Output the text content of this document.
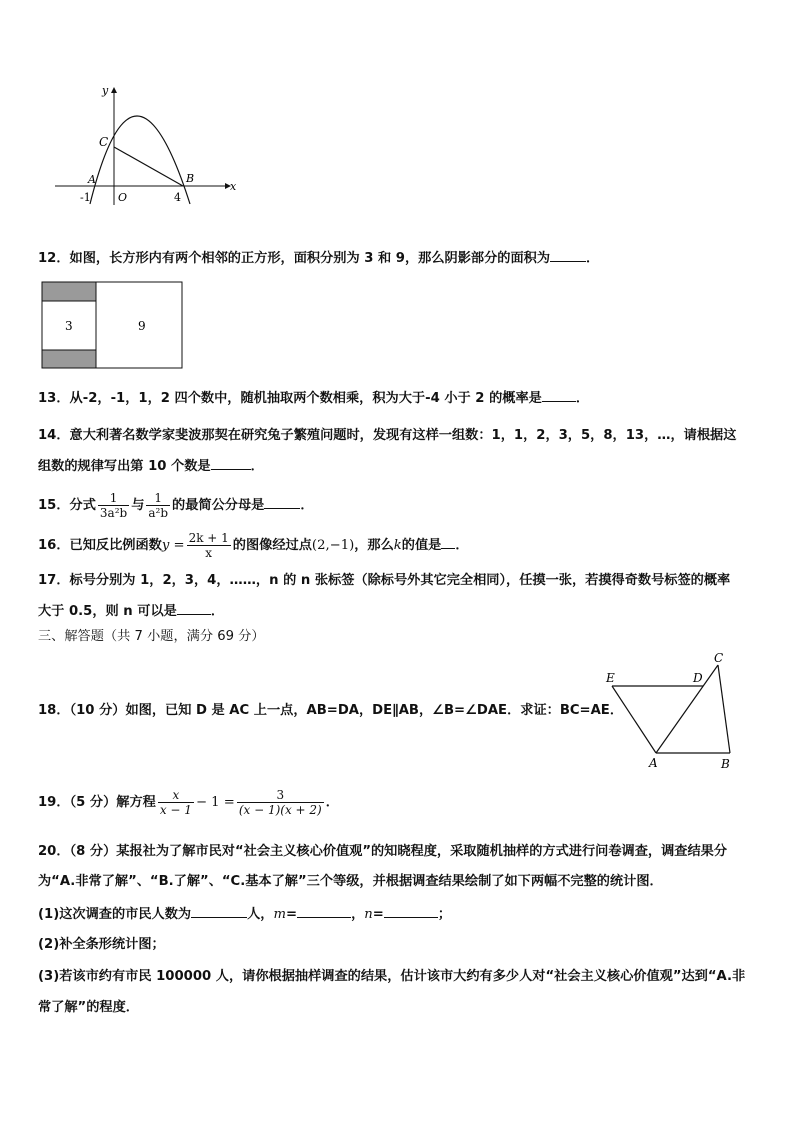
y
x
C
A	B
O
-1	4
12．如图，长方形内有两个相邻的正方形，面积分别为 3 和 9，那么阴影部分的面积为	．
3	9
13．从-2，-1，1，2 四个数中，随机抽取两个数相乘，积为大于-4 小于 2 的概率是	．
14．意大利著名数学家斐波那契在研究兔子繁殖问题时，发现有这样一组数：1，1，2，3，5，8，13，…，请根据这
组数的规律写出第 10 个数是	．
15．分式 $\frac{1}{\text{3a²b}}$ 与 $\frac{1}{\text{a²b}}$ 的最简公分母是	．
16．已知反比例函数$y = \frac{2k + 1}{x}$ 的图像经过点(2,−1)，那么k的值是 ．
17．标号分别为 1，2，3，4，……，n 的 n 张标签（除标号外其它完全相同），任摸一张，若摸得奇数号标签的概率
大于 0.5，则 n 可以是	．
三、解答题（共 7 小题，满分 69 分）
E	D
C
A	B
18．（10 分）如图，已知 D 是 AC 上一点，AB=DA，DE∥AB，∠B=∠DAE．求证：BC=AE．
19．（5 分）解方程 $\frac{x}{x - 1} - 1 = \frac{3}{(x - 1)(x + 2)}$ ．
20．（8 分）某报社为了解市民对“社会主义核心价值观”的知晓程度，采取随机抽样的方式进行问卷调查，调查结果分
为“A.非常了解”、“B.了解”、“C.基本了解”三个等级，并根据调查结果绘制了如下两幅不完整的统计图．
(1)这次调查的市民人数为	人，m=	，n=	；
(2)补全条形统计图；
(3)若该市约有市民 100000 人，请你根据抽样调查的结果，估计该市大约有多少人对“社会主义核心价值观”达到“A.非
常了解”的程度．
